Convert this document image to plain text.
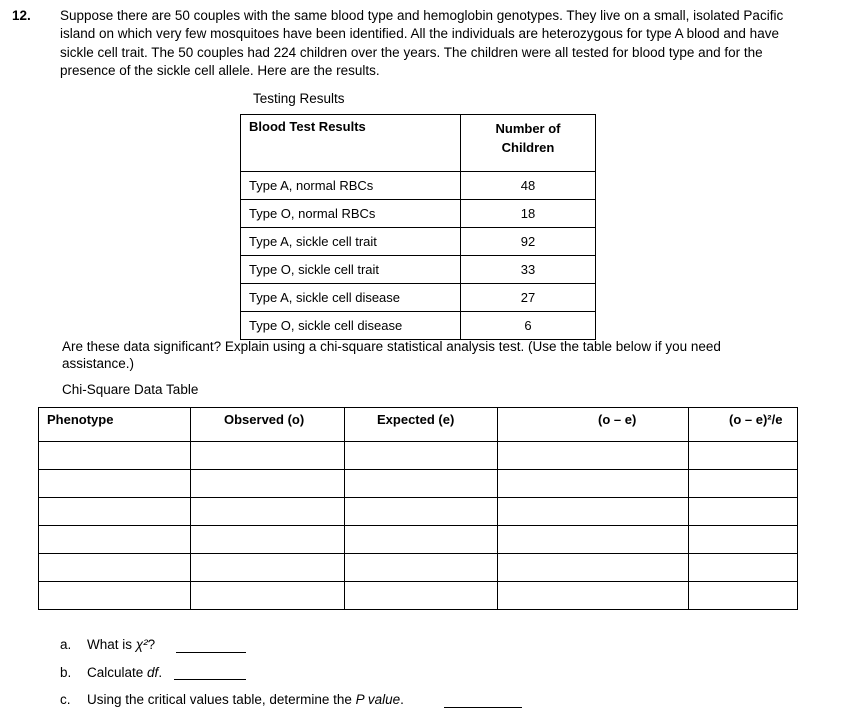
12. Suppose there are 50 couples with the same blood type and hemoglobin genotypes. They live on a small, isolated Pacific island on which very few mosquitoes have been identified. All the individuals are heterozygous for type A blood and have sickle cell trait. The 50 couples had 224 children over the years. The children were all tested for blood type and for the presence of the sickle cell allele. Here are the results.
Testing Results
Blood Test Results	Number of
Children
Type A, normal RBCs	48
Type O, normal RBCs	18
Type A, sickle cell trait	92
Type O, sickle cell trait	33
Type A, sickle cell disease	27
Type O, sickle cell disease	6
Are these data significant? Explain using a chi-square statistical analysis test. (Use the table below if you need assistance.)
Chi-Square Data Table
Phenotype	Observed (o)	Expected (e)	(o – e)	(o – e)²/e

a. What is χ²?
b. Calculate df.
c. Using the critical values table, determine the P value.
